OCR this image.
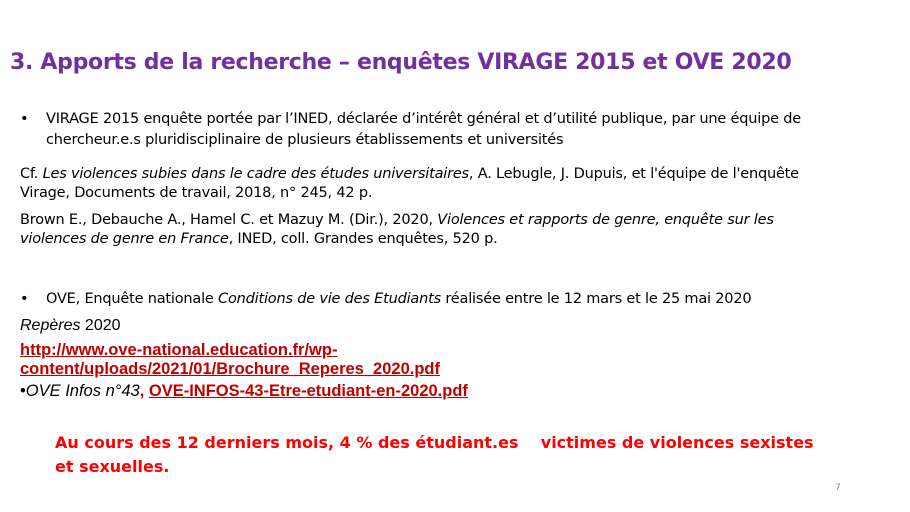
3. Apports de la recherche – enquêtes VIRAGE 2015 et OVE 2020
• VIRAGE 2015 enquête portée par l’INED, déclarée d’intérêt général et d’utilité publique, par une équipe de
chercheur.e.s pluridisciplinaire de plusieurs établissements et universités
Cf. Les violences subies dans le cadre des études universitaires, A. Lebugle, J. Dupuis, et l'équipe de l'enquête
Virage, Documents de travail, 2018, n° 245, 42 p.
Brown E., Debauche A., Hamel C. et Mazuy M. (Dir.), 2020, Violences et rapports de genre, enquête sur les
violences de genre en France, INED, coll. Grandes enquêtes, 520 p.
• OVE, Enquête nationale Conditions de vie des Etudiants réalisée entre le 12 mars et le 25 mai 2020
Repères 2020
http://www.ove-national.education.fr/wp-
content/uploads/2021/01/Brochure_Reperes_2020.pdf
•OVE Infos n°43, OVE-INFOS-43-Etre-etudiant-en-2020.pdf
Au cours des 12 derniers mois, 4 % des étudiant.es    victimes de violences sexistes
et sexuelles.
7
